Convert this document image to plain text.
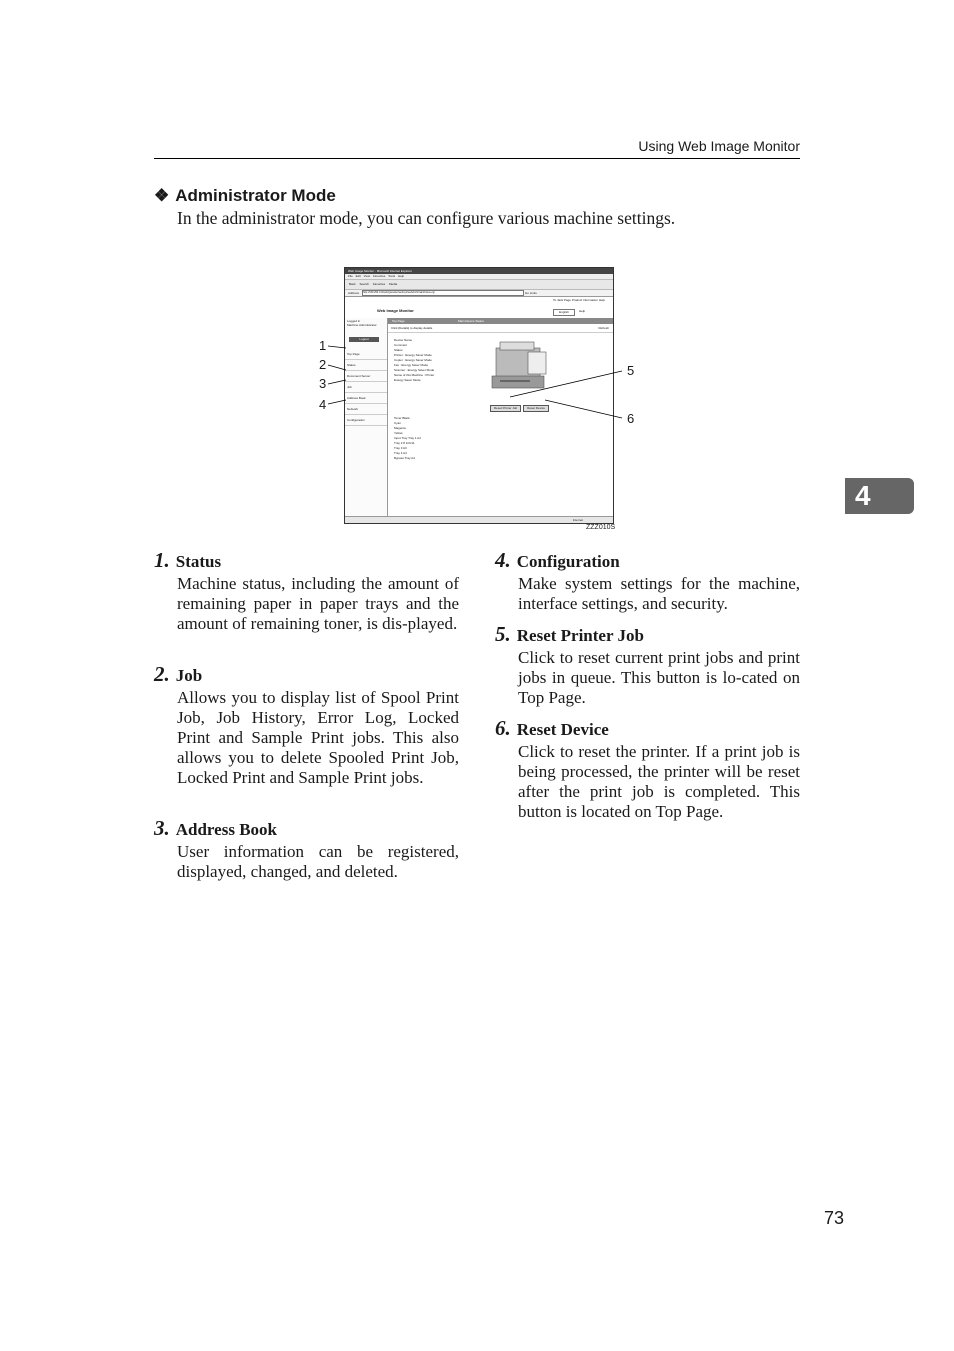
Using Web Image Monitor
❖ Administrator Mode
In the administrator mode, you can configure various machine settings.
4
Web Image Monitor - Microsoft Internet Explorer
File Edit View Favorites Tools Help
Back Search Favorites Media
Address http://169.254.0.0/web/guest/en/websys/webArch/mainFrame.cgi	Go Links
To Jack Page Product Information Help
Web Image Monitor	English	Help
Logged in
Machine Administrator
Logout
Top Page
Status
Document Server
Job
Address Book
Network
Configuration
Top Page	Main Device Status
Click [Details] to display details.	Refresh
Device Name
Comment
Status
Printer : Energy Saver Mode
Copier : Energy Saver Mode
Fax : Energy Saver Mode
Scanner : Energy Saver Mode
Name of this Machine : Printer
Energy Saver Mode
Reset Printer Job	Reset Device
Toner Black
Cyan
Magenta
Yellow
Input Tray Tray 1 A4
Tray 2 8 1/2x11
Tray 3 A3
Tray 4 A4
Bypass Tray A4
Internet
ZZZ010S
1
2
3
4
5
6
1. Status
Machine status, including the amount of remaining paper in paper trays and the amount of remaining toner, is dis-played.
2. Job
Allows you to display list of Spool Print Job, Job History, Error Log, Locked Print and Sample Print jobs. This also allows you to delete Spooled Print Job, Locked Print and Sample Print jobs.
3. Address Book
User information can be registered, displayed, changed, and deleted.
4. Configuration
Make system settings for the machine, interface settings, and security.
5. Reset Printer Job
Click to reset current print jobs and print jobs in queue. This button is lo-cated on Top Page.
6. Reset Device
Click to reset the printer. If a print job is being processed, the printer will be reset after the print job is completed. This button is located on Top Page.
73
